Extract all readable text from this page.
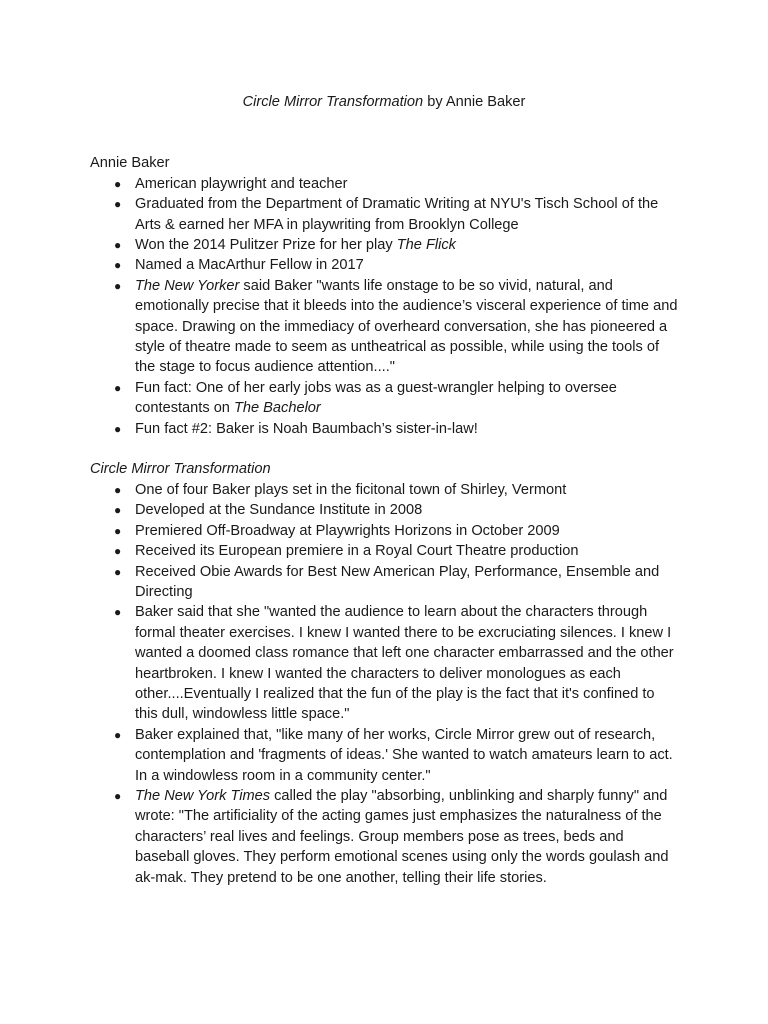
Circle Mirror Transformation by Annie Baker
Annie Baker
● American playwright and teacher
● Graduated from the Department of Dramatic Writing at NYU's Tisch School of the Arts & earned her MFA in playwriting from Brooklyn College
● Won the 2014 Pulitzer Prize for her play The Flick
● Named a MacArthur Fellow in 2017
● The New Yorker said Baker "wants life onstage to be so vivid, natural, and emotionally precise that it bleeds into the audience’s visceral experience of time and space. Drawing on the immediacy of overheard conversation, she has pioneered a style of theatre made to seem as untheatrical as possible, while using the tools of the stage to focus audience attention...."
● Fun fact: One of her early jobs was as a guest-wrangler helping to oversee contestants on The Bachelor
● Fun fact #2: Baker is Noah Baumbach’s sister-in-law!
Circle Mirror Transformation
● One of four Baker plays set in the ficitonal town of Shirley, Vermont
● Developed at the Sundance Institute in 2008
● Premiered Off-Broadway at Playwrights Horizons in October 2009
● Received its European premiere in a Royal Court Theatre production
● Received Obie Awards for Best New American Play, Performance, Ensemble and Directing
● Baker said that she "wanted the audience to learn about the characters through formal theater exercises. I knew I wanted there to be excruciating silences. I knew I wanted a doomed class romance that left one character embarrassed and the other heartbroken. I knew I wanted the characters to deliver monologues as each other....Eventually I realized that the fun of the play is the fact that it's confined to this dull, windowless little space."
● Baker explained that, "like many of her works, Circle Mirror grew out of research, contemplation and 'fragments of ideas.' She wanted to watch amateurs learn to act. In a windowless room in a community center."
● The New York Times called the play "absorbing, unblinking and sharply funny" and wrote: "The artificiality of the acting games just emphasizes the naturalness of the characters’ real lives and feelings. Group members pose as trees, beds and baseball gloves. They perform emotional scenes using only the words goulash and ak-mak. They pretend to be one another, telling their life stories.
